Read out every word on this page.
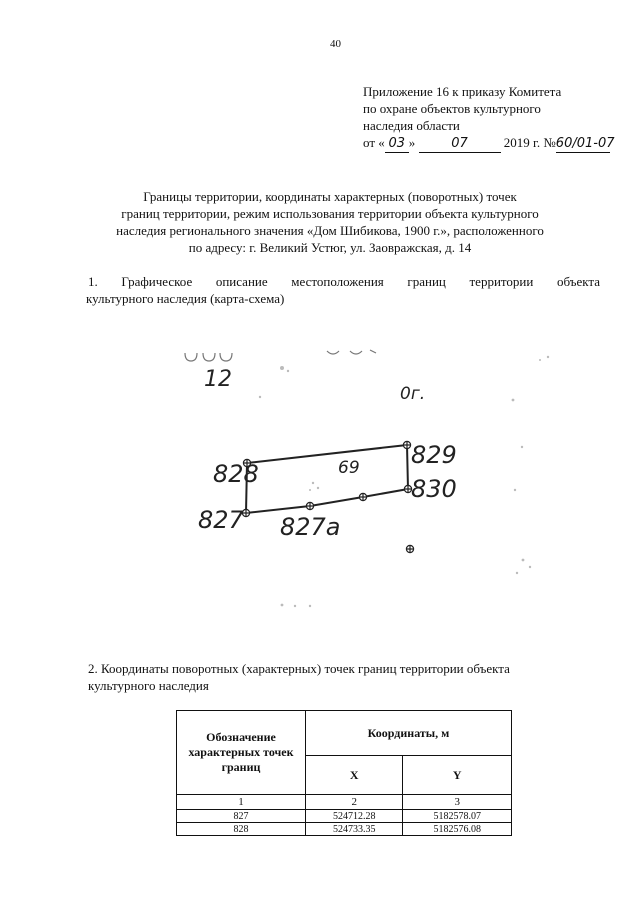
40
Приложение 16 к приказу Комитета
по охране объектов культурного
наследия области
от « 03 »	07	2019 г. №60/01-07
Границы территории, координаты характерных (поворотных) точек
границ территории, режим использования территории объекта культурного
наследия регионального значения «Дом Шибикова, 1900 г.», расположенного
по адресу: г. Великий Устюг, ул. Заовражская, д. 14
1. Графическое описание местоположения границ территории объекта
культурного наследия (карта-схема)
12
0г.
69
828
829
830
827 827а
2. Координаты поворотных (характерных) точек границ территории объекта
культурного наследия
Обозначение характерных точек границ	Координаты, м	
	X	Y
1	2	3
827	524712.28	5182578.07
828	524733.35	5182576.08
